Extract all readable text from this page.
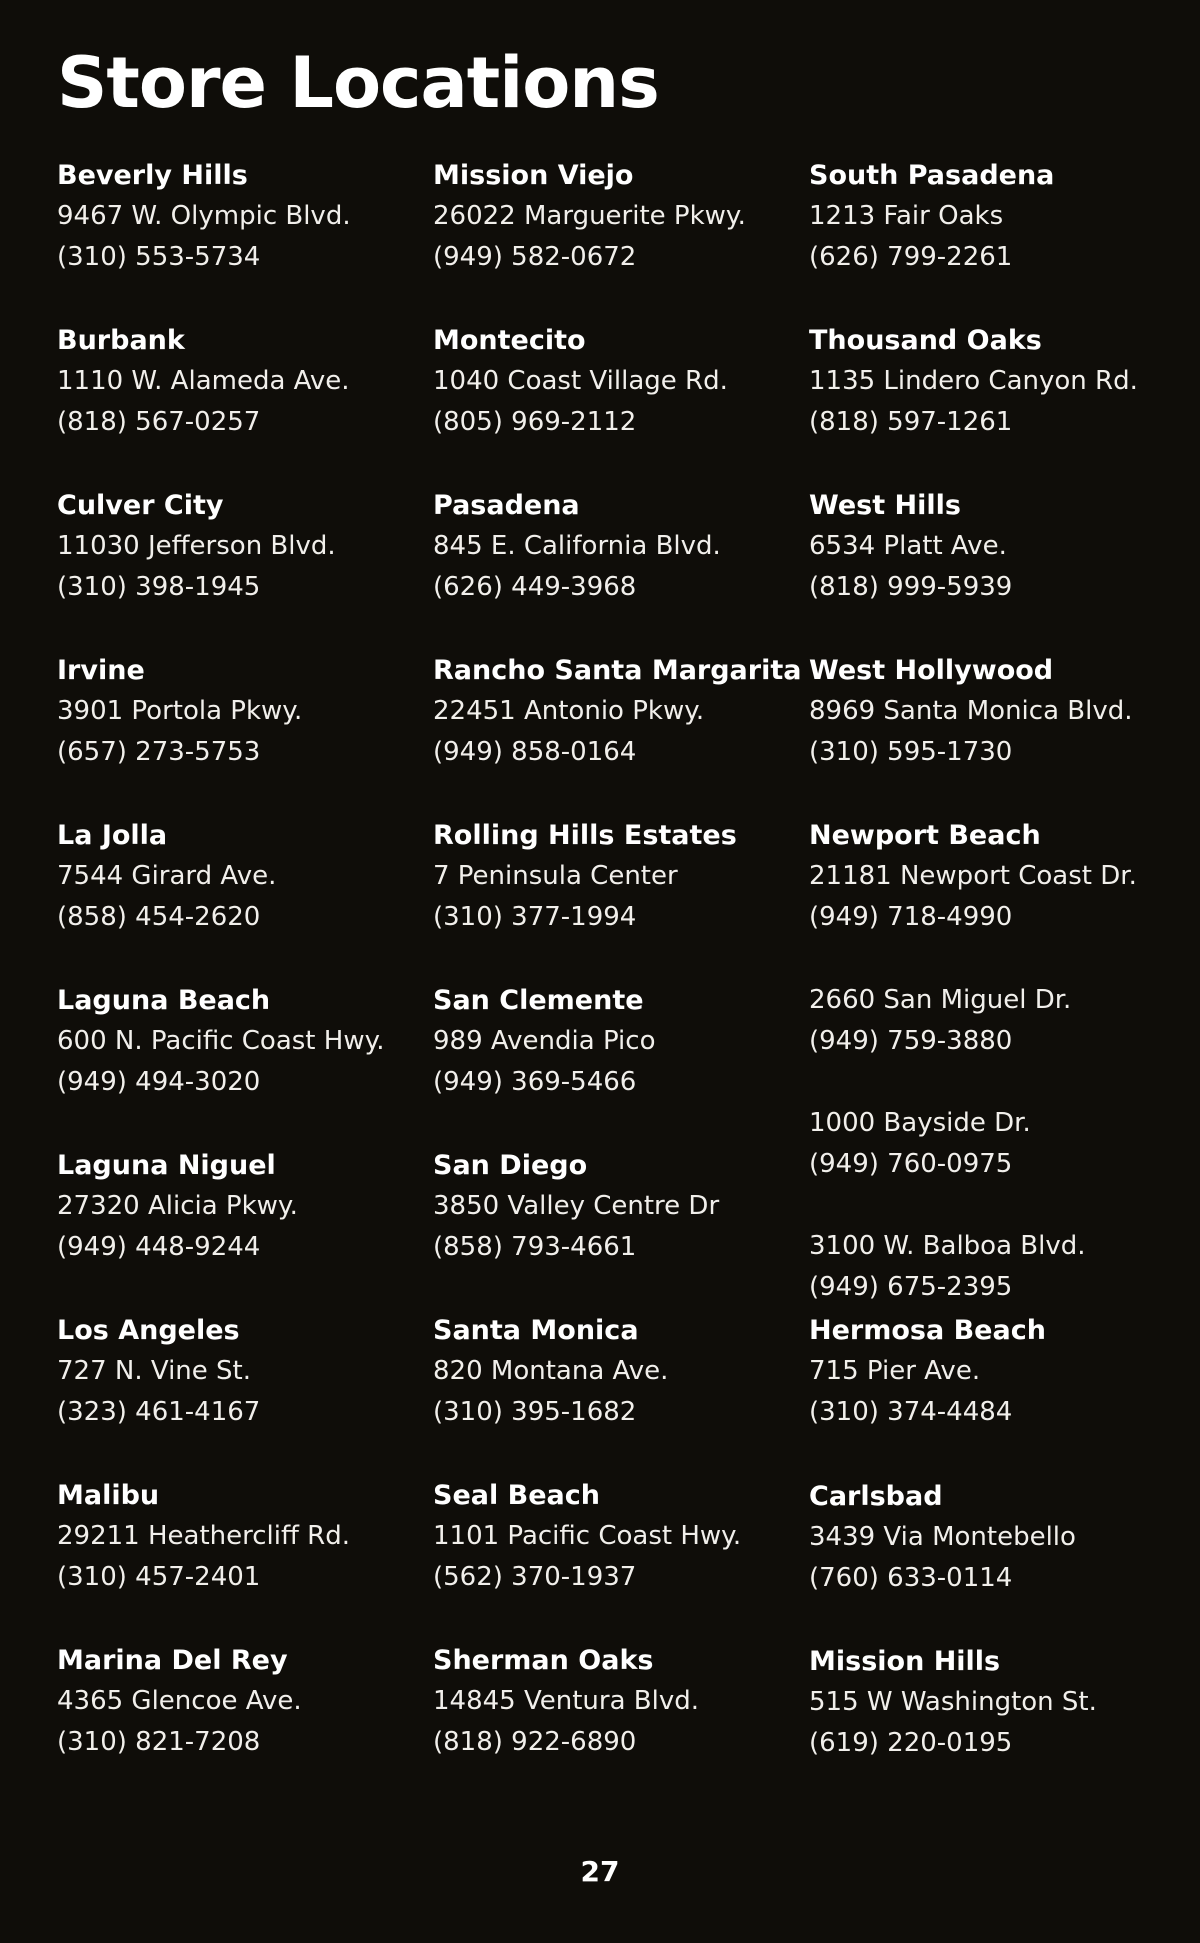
Store Locations
Beverly Hills
9467 W. Olympic Blvd.
(310) 553-5734
Burbank
1110 W. Alameda Ave.
(818) 567-0257
Culver City
11030 Jefferson Blvd.
(310) 398-1945
Irvine
3901 Portola Pkwy.
(657) 273-5753
La Jolla
7544 Girard Ave.
(858) 454-2620
Laguna Beach
600 N. Pacific Coast Hwy.
(949) 494-3020
Laguna Niguel
27320 Alicia Pkwy.
(949) 448-9244
Los Angeles
727 N. Vine St.
(323) 461-4167
Malibu
29211 Heathercliff Rd.
(310) 457-2401
Marina Del Rey
4365 Glencoe Ave.
(310) 821-7208
Mission Viejo
26022 Marguerite Pkwy.
(949) 582-0672
Montecito
1040 Coast Village Rd.
(805) 969-2112
Pasadena
845 E. California Blvd.
(626) 449-3968
Rancho Santa Margarita
22451 Antonio Pkwy.
(949) 858-0164
Rolling Hills Estates
7 Peninsula Center
(310) 377-1994
San Clemente
989 Avendia Pico
(949) 369-5466
San Diego
3850 Valley Centre Dr
(858) 793-4661
Santa Monica
820 Montana Ave.
(310) 395-1682
Seal Beach
1101 Pacific Coast Hwy.
(562) 370-1937
Sherman Oaks
14845 Ventura Blvd.
(818) 922-6890
South Pasadena
1213 Fair Oaks
(626) 799-2261
Thousand Oaks
1135 Lindero Canyon Rd.
(818) 597-1261
West Hills
6534 Platt Ave.
(818) 999-5939
West Hollywood
8969 Santa Monica Blvd.
(310) 595-1730
Newport Beach
21181 Newport Coast Dr.
(949) 718-4990
2660 San Miguel Dr.
(949) 759-3880
1000 Bayside Dr.
(949) 760-0975
3100 W. Balboa Blvd.
(949) 675-2395
Hermosa Beach
715 Pier Ave.
(310) 374-4484
Carlsbad
3439 Via Montebello
(760) 633-0114
Mission Hills
515 W Washington St.
(619) 220-0195
27
